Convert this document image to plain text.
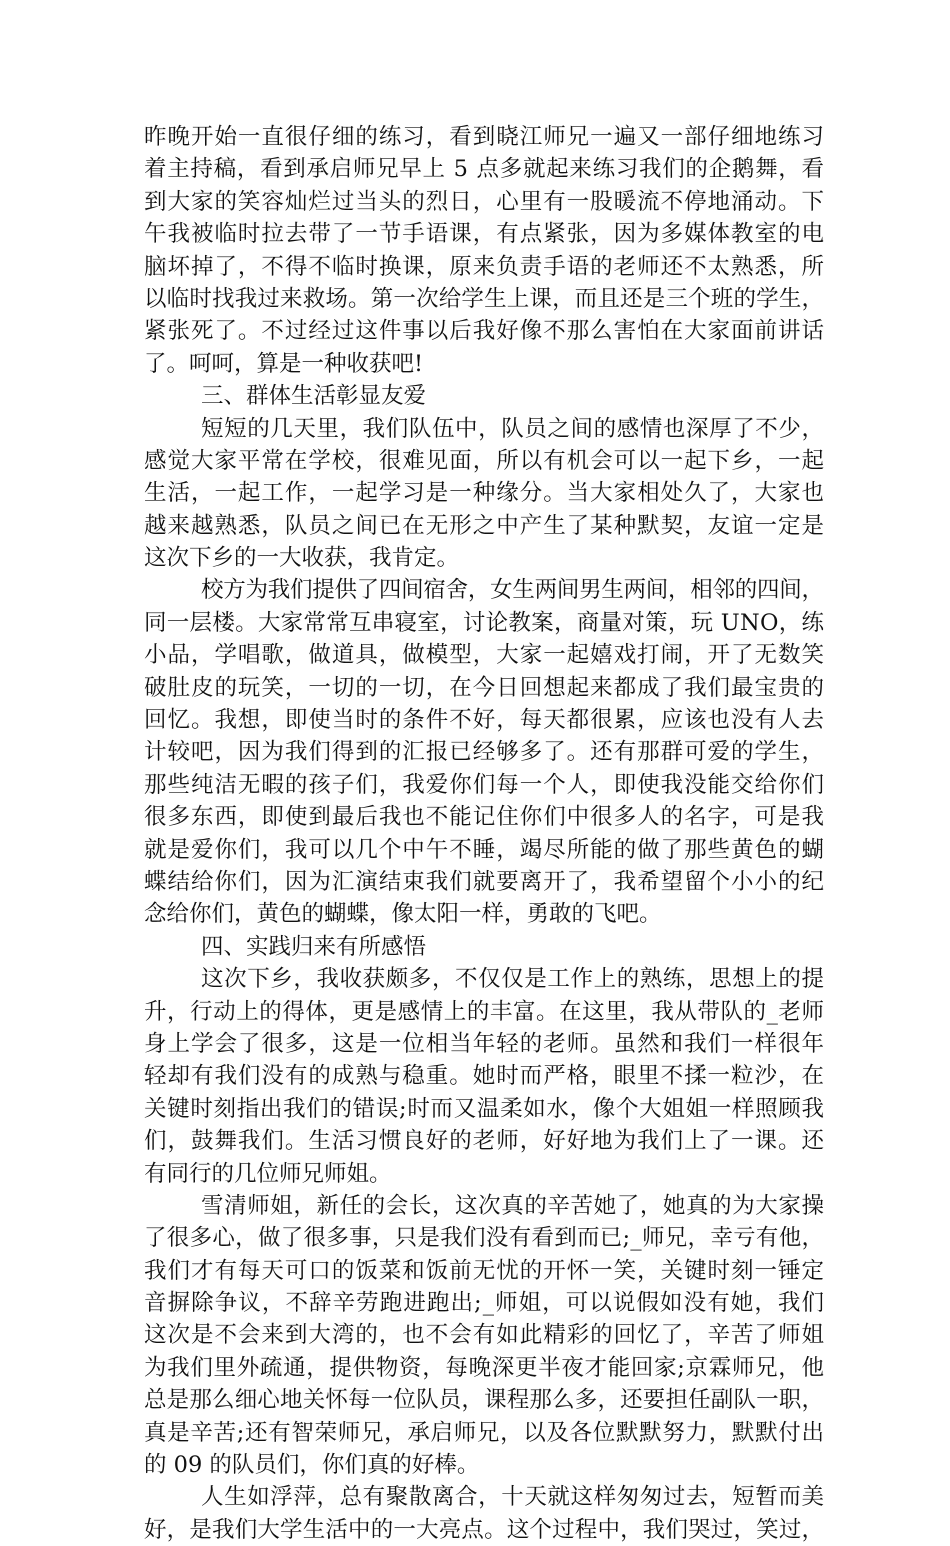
昨晚开始一直很仔细的练习，看到晓江师兄一遍又一部仔细地练习
着主持稿，看到承启师兄早上 5 点多就起来练习我们的企鹅舞，看
到大家的笑容灿烂过当头的烈日，心里有一股暖流不停地涌动。下
午我被临时拉去带了一节手语课，有点紧张，因为多媒体教室的电
脑坏掉了，不得不临时换课，原来负责手语的老师还不太熟悉，所
以临时找我过来救场。第一次给学生上课，而且还是三个班的学生，
紧张死了。不过经过这件事以后我好像不那么害怕在大家面前讲话
了。呵呵，算是一种收获吧!
三、群体生活彰显友爱
短短的几天里，我们队伍中，队员之间的感情也深厚了不少，
感觉大家平常在学校，很难见面，所以有机会可以一起下乡，一起
生活，一起工作，一起学习是一种缘分。当大家相处久了，大家也
越来越熟悉，队员之间已在无形之中产生了某种默契，友谊一定是
这次下乡的一大收获，我肯定。
校方为我们提供了四间宿舍，女生两间男生两间，相邻的四间，
同一层楼。大家常常互串寝室，讨论教案，商量对策，玩 UNO，练
小品，学唱歌，做道具，做模型，大家一起嬉戏打闹，开了无数笑
破肚皮的玩笑，一切的一切，在今日回想起来都成了我们最宝贵的
回忆。我想，即使当时的条件不好，每天都很累，应该也没有人去
计较吧，因为我们得到的汇报已经够多了。还有那群可爱的学生，
那些纯洁无暇的孩子们，我爱你们每一个人，即使我没能交给你们
很多东西，即使到最后我也不能记住你们中很多人的名字，可是我
就是爱你们，我可以几个中午不睡，竭尽所能的做了那些黄色的蝴
蝶结给你们，因为汇演结束我们就要离开了，我希望留个小小的纪
念给你们，黄色的蝴蝶，像太阳一样，勇敢的飞吧。
四、实践归来有所感悟
这次下乡，我收获颇多，不仅仅是工作上的熟练，思想上的提
升，行动上的得体，更是感情上的丰富。在这里，我从带队的_老师
身上学会了很多，这是一位相当年轻的老师。虽然和我们一样很年
轻却有我们没有的成熟与稳重。她时而严格，眼里不揉一粒沙，在
关键时刻指出我们的错误;时而又温柔如水，像个大姐姐一样照顾我
们，鼓舞我们。生活习惯良好的老师，好好地为我们上了一课。还
有同行的几位师兄师姐。
雪清师姐，新任的会长，这次真的辛苦她了，她真的为大家操
了很多心，做了很多事，只是我们没有看到而已;_师兄，幸亏有他，
我们才有每天可口的饭菜和饭前无忧的开怀一笑，关键时刻一锤定
音摒除争议，不辞辛劳跑进跑出;_师姐，可以说假如没有她，我们
这次是不会来到大湾的，也不会有如此精彩的回忆了，辛苦了师姐
为我们里外疏通，提供物资，每晚深更半夜才能回家;京霖师兄，他
总是那么细心地关怀每一位队员，课程那么多，还要担任副队一职，
真是辛苦;还有智荣师兄，承启师兄，以及各位默默努力，默默付出
的 09 的队员们，你们真的好棒。
人生如浮萍，总有聚散离合，十天就这样匆匆过去，短暂而美
好，是我们大学生活中的一大亮点。这个过程中，我们哭过，笑过，
